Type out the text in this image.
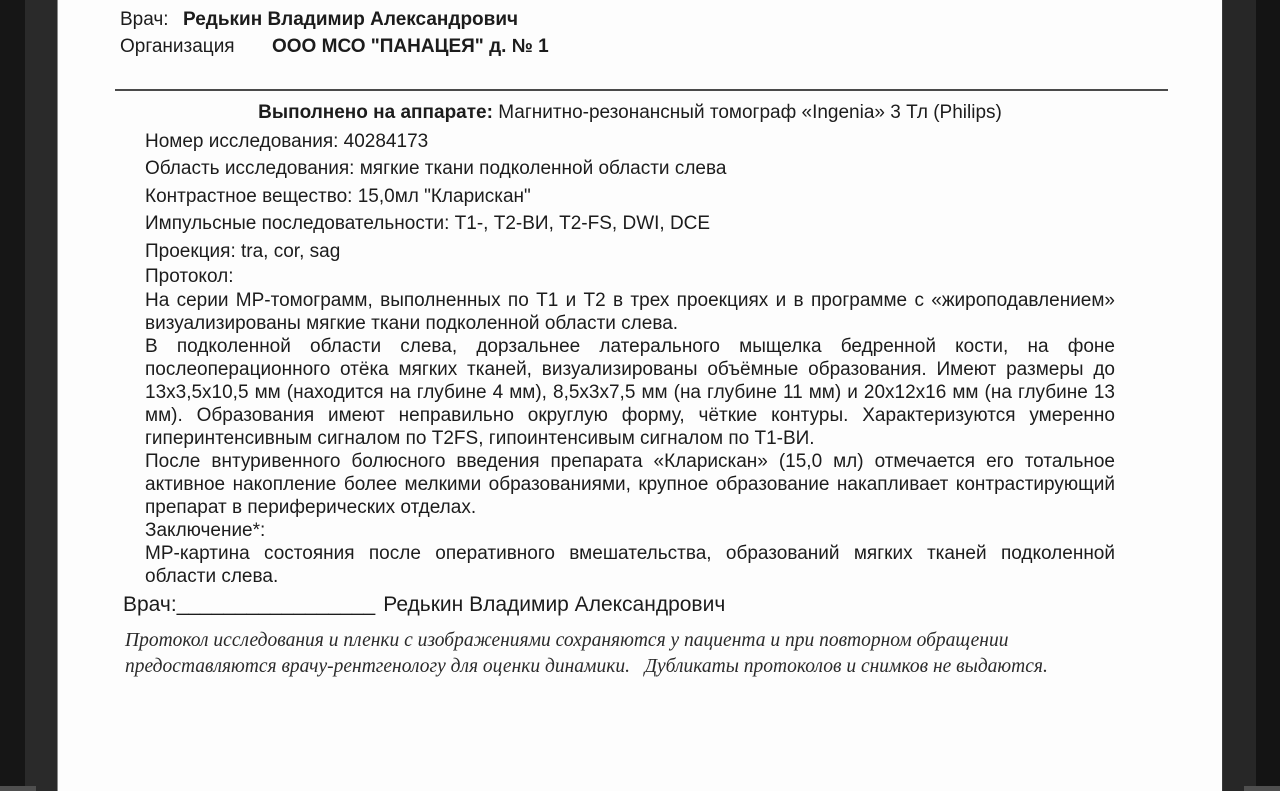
Врач: Редькин Владимир Александрович
Организация ООО МСО "ПАНАЦЕЯ" д. № 1
Выполнено на аппарате: Магнитно-резонансный томограф «Ingenia» 3 Тл (Philips)
Номер исследования: 40284173
Область исследования: мягкие ткани подколенной области слева
Контрастное вещество: 15,0мл "Кларискан"
Импульсные последовательности: Т1-, Т2-ВИ, Т2-FS, DWI, DCE
Проекция: tra, cor, sag
Протокол:
На серии МР-томограмм, выполненных по Т1 и Т2 в трех проекциях и в программе с «жироподавлением» визуализированы мягкие ткани подколенной области слева.
В подколенной области слева, дорзальнее латерального мыщелка бедренной кости, на фоне послеоперационного отёка мягких тканей, визуализированы объёмные образования. Имеют размеры до 13х3,5х10,5 мм (находится на глубине 4 мм), 8,5х3х7,5 мм (на глубине 11 мм) и 20х12х16 мм (на глубине 13 мм). Образования имеют неправильно округлую форму, чёткие контуры. Характеризуются умеренно гиперинтенсивным сигналом по T2FS, гипоинтенсивым сигналом по Т1-ВИ.
После внтуривенного болюсного введения препарата «Кларискан» (15,0 мл) отмечается его тотальное активное накопление более мелкими образованиями, крупное образование накапливает контрастирующий препарат в периферических отделах.
Заключение*:
МР-картина состояния после оперативного вмешательства, образований мягких тканей подколенной области слева.
Врач:_________________ Редькин Владимир Александрович
Протокол исследования и пленки с изображениями сохраняются у пациента и при повторном обращении
предоставляются врачу-рентгенологу для оценки динамики.   Дубликаты протоколов и снимков не выдаются.
